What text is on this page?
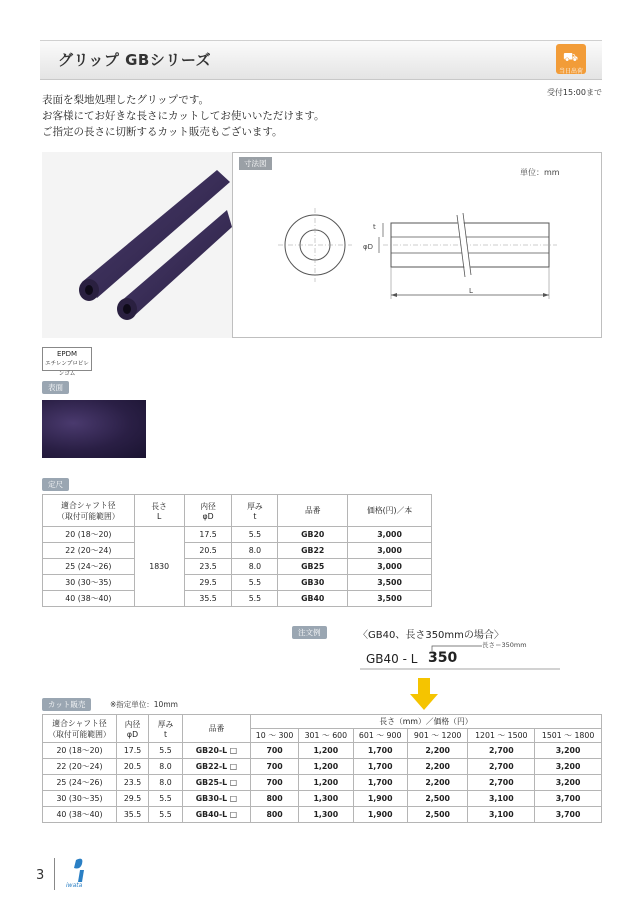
グリップ GBシリーズ	⛟
当日出荷
受付15:00まで
表面を梨地処理したグリップです。
お客様にてお好きな長さにカットしてお使いいただけます。
ご指定の長さに切断するカット販売もございます。
寸法図
t
φD
L
単位：mm
EPDM
エチレンプロピレンゴム
表面
定尺
適合シャフト径
（取付可能範囲）	長さ
L	内径
φD	厚み
t	品番	価格(円)／本
20 (18〜20)	1830	17.5	5.5	GB20	3,000
22 (20〜24)		20.5	8.0	GB22	3,000
25 (24〜26)		23.5	8.0	GB25	3,000
30 (30〜35)		29.5	5.5	GB30	3,500
40 (38〜40)		35.5	5.5	GB40	3,500
注文例	〈GB40、長さ350mmの場合〉
長さ＝350mm
GB40 - L 350
カット販売	※指定単位：10mm
適合シャフト径
（取付可能範囲）	内径
φD	厚み
t	品番	長さ（mm）／価格（円）					
				10 〜 300	301 〜 600	601 〜 900	901 〜 1200	1201 〜 1500	1501 〜 1800
20 (18〜20)	17.5	5.5	GB20-L □	700	1,200	1,700	2,200	2,700	3,200
22 (20〜24)	20.5	8.0	GB22-L □	700	1,200	1,700	2,200	2,700	3,200
25 (24〜26)	23.5	8.0	GB25-L □	700	1,200	1,700	2,200	2,700	3,200
30 (30〜35)	29.5	5.5	GB30-L □	800	1,300	1,900	2,500	3,100	3,700
40 (38〜40)	35.5	5.5	GB40-L □	800	1,300	1,900	2,500	3,100	3,700
3
iwata
